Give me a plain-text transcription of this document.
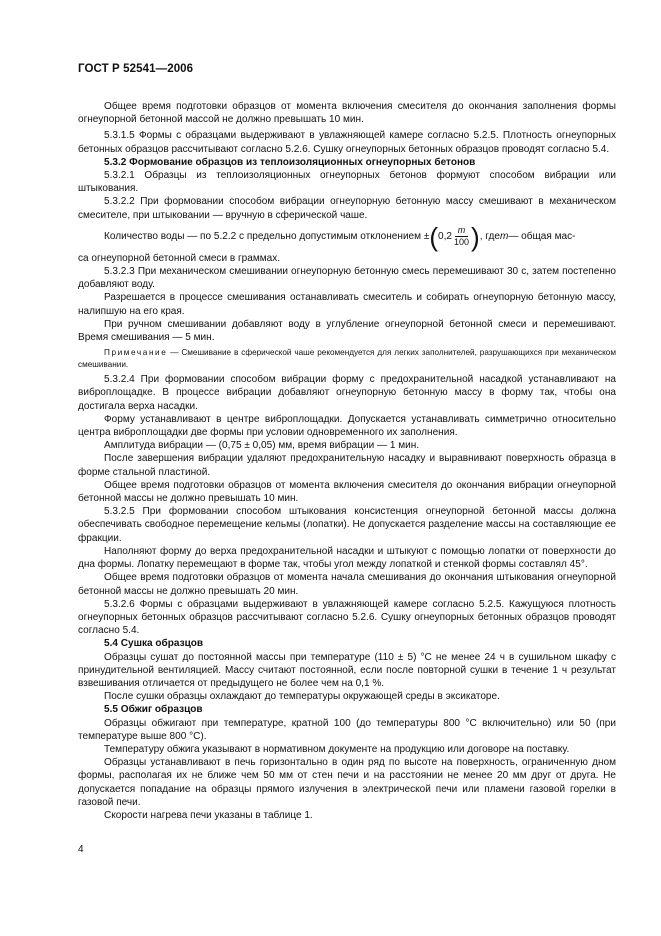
ГОСТ Р 52541—2006

Общее время подготовки образцов от момента включения смесителя до окончания заполнения формы огнеупорной бетонной массой не должно превышать 10 мин.

5.3.1.5 Формы с образцами выдерживают в увлажняющей камере согласно 5.2.5. Плотность огнеупорных бетонных образцов рассчитывают согласно 5.2.6. Сушку огнеупорных бетонных образцов проводят согласно 5.4.

5.3.2 Формование образцов из теплоизоляционных огнеупорных бетонов

5.3.2.1 Образцы из теплоизоляционных огнеупорных бетонов формуют способом вибрации или штыкования.

5.3.2.2 При формовании способом вибрации огнеупорную бетонную массу смешивают в механическом смесителе, при штыковании — вручную в сферической чаше.

Количество воды — по 5.2.2 с предельно допустимым отклонением ± ( $0,2 \frac{m}{100}$ ) , где m — общая мас-

са огнеупорной бетонной смеси в граммах.

5.3.2.3 При механическом смешивании огнеупорную бетонную смесь перемешивают 30 с, затем постепенно добавляют воду.

Разрешается в процессе смешивания останавливать смеситель и собирать огнеупорную бетонную массу, налипшую на его края.

При ручном смешивании добавляют воду в углубление огнеупорной бетонной смеси и перемешивают. Время смешивания — 5 мин.

Примечание — Смешивание в сферической чаше рекомендуется для легких заполнителей, разрушающихся при механическом смешивании.

5.3.2.4 При формовании способом вибрации форму с предохранительной насадкой устанавливают на виброплощадке. В процессе вибрации добавляют огнеупорную бетонную массу в форму так, чтобы она достигала верха насадки.

Форму устанавливают в центре виброплощадки. Допускается устанавливать симметрично относительно центра виброплощадки две формы при условии одновременного их заполнения.

Амплитуда вибрации — (0,75 ± 0,05) мм, время вибрации — 1 мин.

После завершения вибрации удаляют предохранительную насадку и выравнивают поверхность образца в форме стальной пластиной.

Общее время подготовки образцов от момента включения смесителя до окончания вибрации огнеупорной бетонной массы не должно превышать 10 мин.

5.3.2.5 При формовании способом штыкования консистенция огнеупорной бетонной массы должна обеспечивать свободное перемещение кельмы (лопатки). Не допускается разделение массы на составляющие ее фракции.

Наполняют форму до верха предохранительной насадки и штыкуют с помощью лопатки от поверхности до дна формы. Лопатку перемещают в форме так, чтобы угол между лопаткой и стенкой формы составлял 45°.

Общее время подготовки образцов от момента начала смешивания до окончания штыкования огнеупорной бетонной массы не должно превышать 20 мин.

5.3.2.6 Формы с образцами выдерживают в увлажняющей камере согласно 5.2.5. Кажущуюся плотность огнеупорных бетонных образцов рассчитывают согласно 5.2.6. Сушку огнеупорных бетонных образцов проводят согласно 5.4.

5.4 Сушка образцов

Образцы сушат до постоянной массы при температуре (110 ± 5) °С не менее 24 ч в сушильном шкафу с принудительной вентиляцией. Массу считают постоянной, если после повторной сушки в течение 1 ч результат взвешивания отличается от предыдущего не более чем на 0,1 %.

После сушки образцы охлаждают до температуры окружающей среды в эксикаторе.

5.5 Обжиг образцов

Образцы обжигают при температуре, кратной 100 (до температуры 800 °С включительно) или 50 (при температуре выше 800 °С).

Температуру обжига указывают в нормативном документе на продукцию или договоре на поставку.

Образцы устанавливают в печь горизонтально в один ряд по высоте на поверхность, ограниченную дном формы, располагая их не ближе чем 50 мм от стен печи и на расстоянии не менее 20 мм друг от друга. Не допускается попадание на образцы прямого излучения в электрической печи или пламени газовой горелки в газовой печи.

Скорости нагрева печи указаны в таблице 1.

4
